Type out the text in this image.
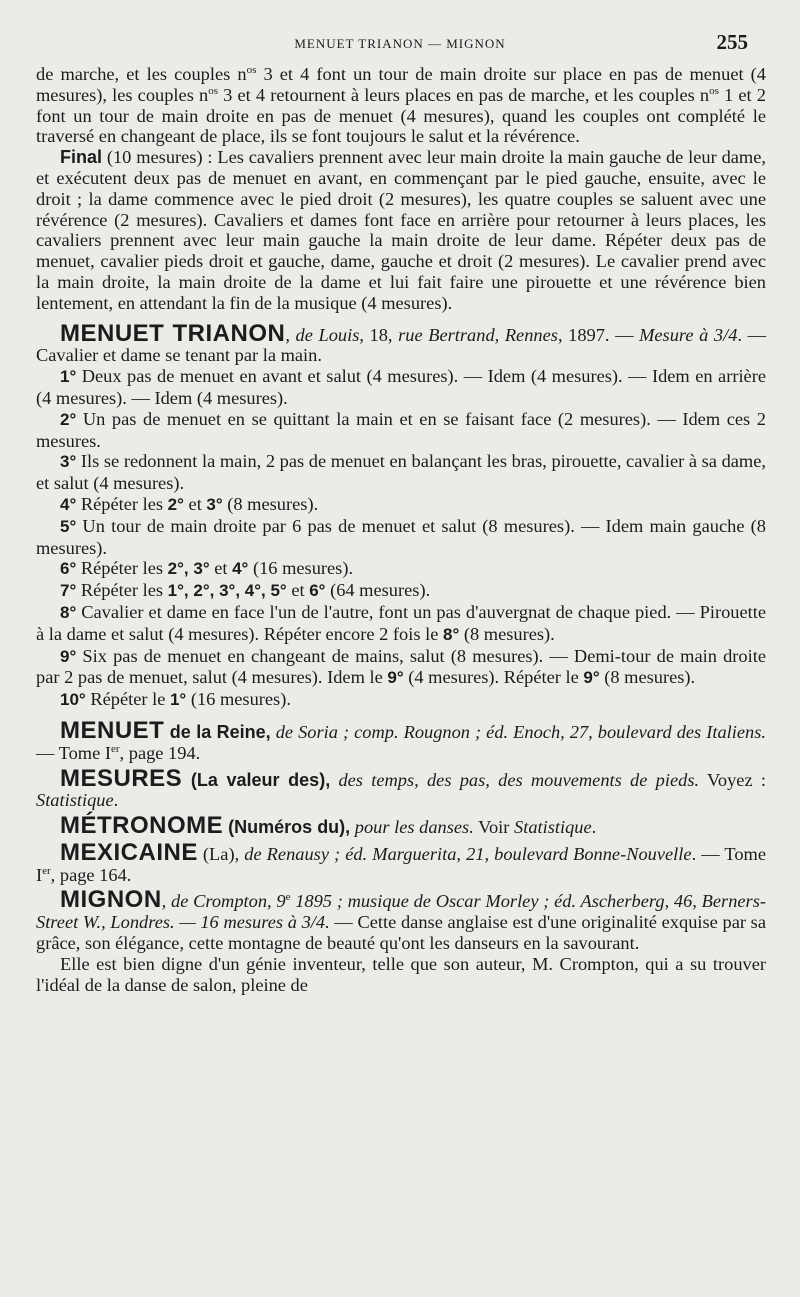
MENUET TRIANON — MIGNON	255

de marche, et les couples $n^{os}$ 3 et 4 font un tour de main droite sur place en pas de menuet (4 mesures), les couples $n^{os}$ 3 et 4 retournent à leurs places en pas de marche, et les couples $n^{os}$ 1 et 2 font un tour de main droite en pas de menuet (4 mesures), quand les couples ont complété le traversé en changeant de place, ils se font toujours le salut et la révérence.

Final (10 mesures) : Les cavaliers prennent avec leur main droite la main gauche de leur dame, et exécutent deux pas de menuet en avant, en commençant par le pied gauche, ensuite, avec le droit ; la dame commence avec le pied droit (2 mesures), les quatre couples se saluent avec une révérence (2 mesures). Cavaliers et dames font face en arrière pour retourner à leurs places, les cavaliers prennent avec leur main gauche la main droite de leur dame. Répéter deux pas de menuet, cavalier pieds droit et gauche, dame, gauche et droit (2 mesures). Le cavalier prend avec la main droite, la main droite de la dame et lui fait faire une pirouette et une révérence bien lentement, en attendant la fin de la musique (4 mesures).

MENUET TRIANON, de Louis, 18, rue Bertrand, Rennes, 1897. — Mesure à 3/4. — Cavalier et dame se tenant par la main.

1° Deux pas de menuet en avant et salut (4 mesures). — Idem (4 mesures). — Idem en arrière (4 mesures). — Idem (4 mesures).

2° Un pas de menuet en se quittant la main et en se faisant face (2 mesures). — Idem ces 2 mesures.

3° Ils se redonnent la main, 2 pas de menuet en balançant les bras, pirouette, cavalier à sa dame, et salut (4 mesures).

4° Répéter les 2° et 3° (8 mesures).

5° Un tour de main droite par 6 pas de menuet et salut (8 mesures). — Idem main gauche (8 mesures).

6° Répéter les 2°, 3° et 4° (16 mesures).

7° Répéter les 1°, 2°, 3°, 4°, 5° et 6° (64 mesures).

8° Cavalier et dame en face l'un de l'autre, font un pas d'auvergnat de chaque pied. — Pirouette à la dame et salut (4 mesures). Répéter encore 2 fois le 8° (8 mesures).

9° Six pas de menuet en changeant de mains, salut (8 mesures). — Demi-tour de main droite par 2 pas de menuet, salut (4 mesures). Idem le 9° (4 mesures). Répéter le 9° (8 mesures).

10° Répéter le 1° (16 mesures).

MENUET de la Reine, de Soria ; comp. Rougnon ; éd. Enoch, 27, boulevard des Italiens. — Tome Ier, page 194.

MESURES (La valeur des), des temps, des pas, des mouvements de pieds. Voyez : Statistique.

MÉTRONOME (Numéros du), pour les danses. Voir Statistique.

MEXICAINE (La), de Renausy ; éd. Marguerita, 21, boulevard Bonne-Nouvelle. — Tome Ier, page 164.

MIGNON, de Crompton, 9e 1895 ; musique de Oscar Morley ; éd. Ascherberg, 46, Berners-Street W., Londres. — 16 mesures à 3/4. — Cette danse anglaise est d'une originalité exquise par sa grâce, son élégance, cette montagne de beauté qu'ont les danseurs en la savourant.

Elle est bien digne d'un génie inventeur, telle que son auteur, M. Crompton, qui a su trouver l'idéal de la danse de salon, pleine de
